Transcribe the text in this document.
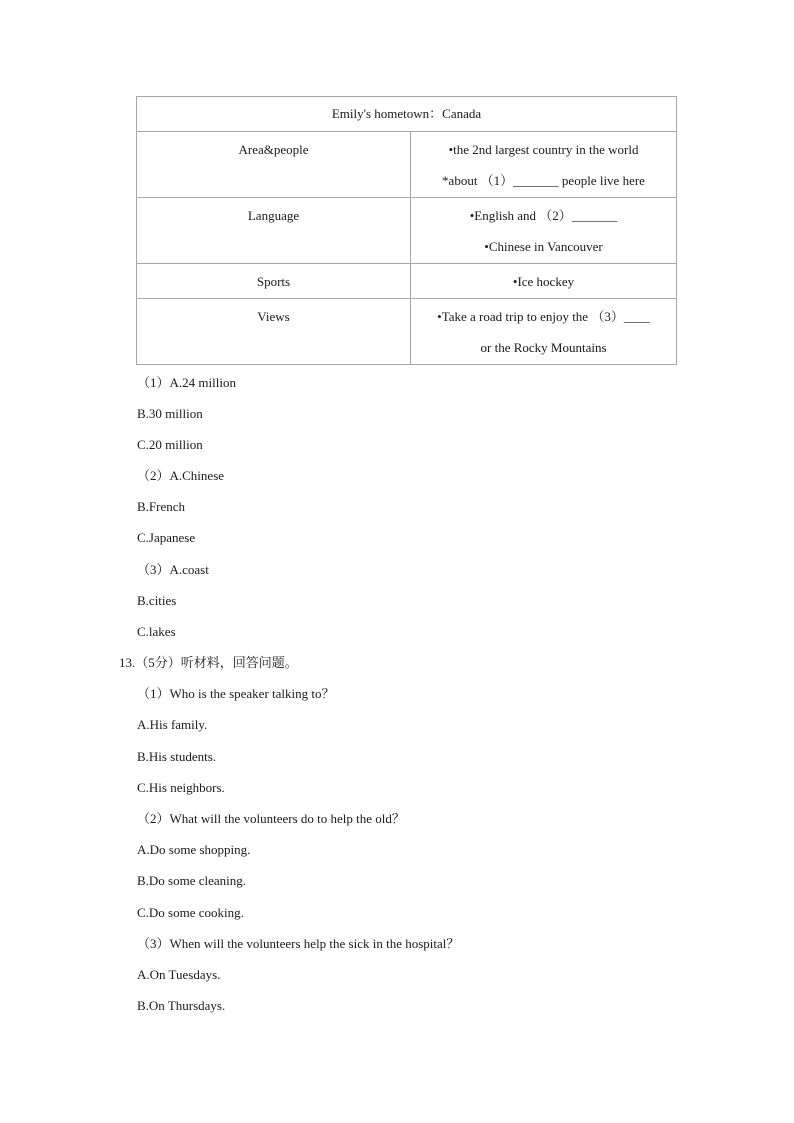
Emily's hometown：Canada	
Area&people	•the 2nd largest country in the world
*about （1）_______ people live here

Language	•English and （2）_______
•Chinese in Vancouver

Sports	•Ice hockey

Views	•Take a road trip to enjoy the （3）____
or the Rocky Mountains
（1）A.24 million
B.30 million
C.20 million
（2）A.Chinese
B.French
C.Japanese
（3）A.coast
B.cities
C.lakes
13.（5分）听材料，回答问题。
（1）Who is the speaker talking to？
A.His family.
B.His students.
C.His neighbors.
（2）What will the volunteers do to help the old？
A.Do some shopping.
B.Do some cleaning.
C.Do some cooking.
（3）When will the volunteers help the sick in the hospital？
A.On Tuesdays.
B.On Thursdays.
